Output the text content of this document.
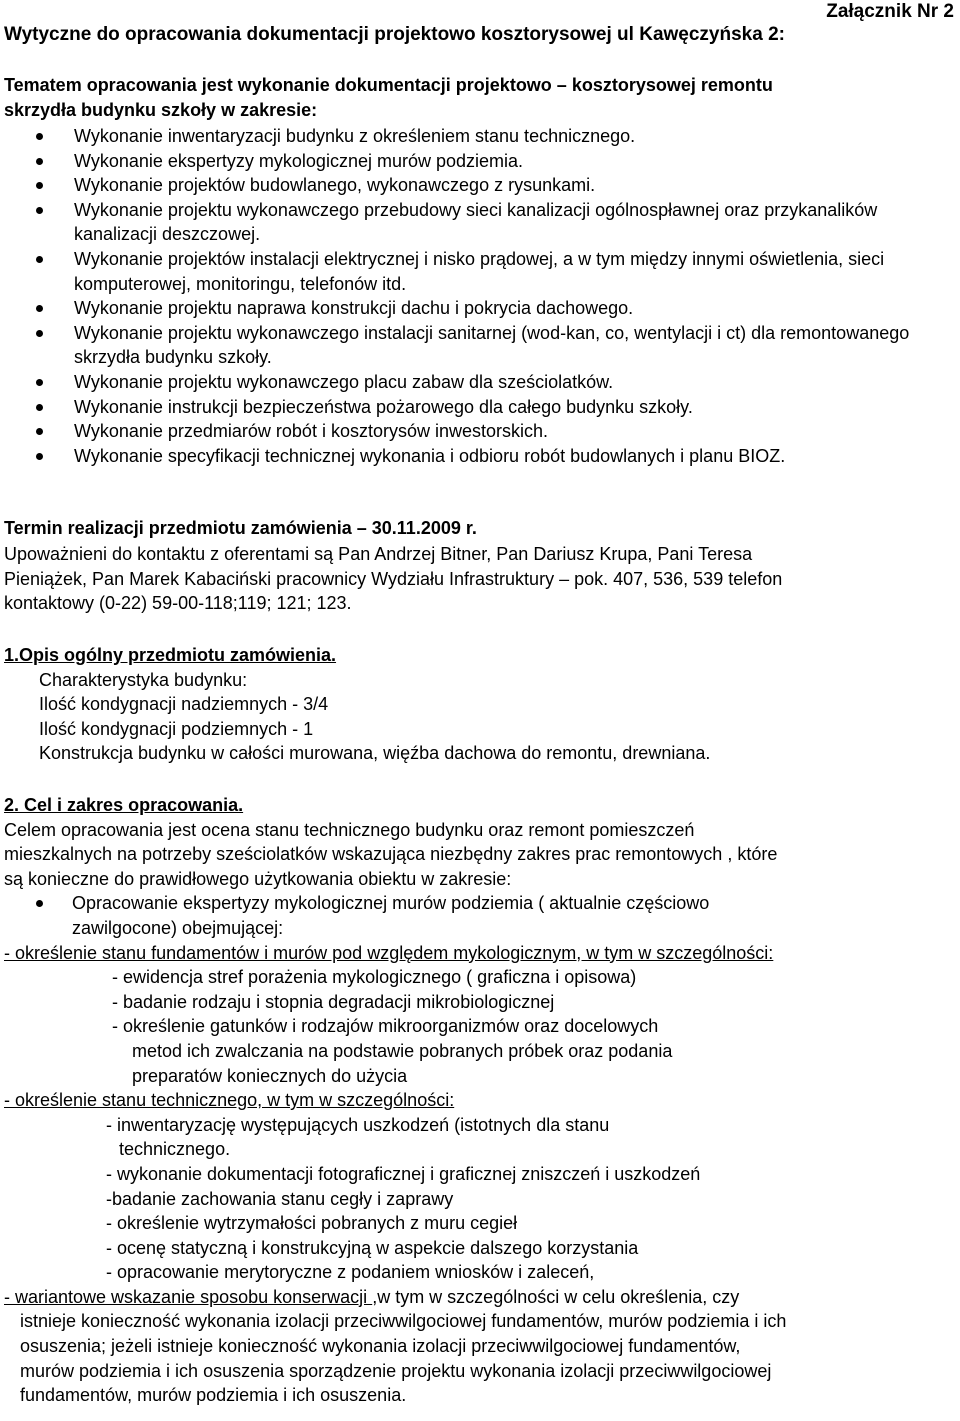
Załącznik Nr 2
Wytyczne do opracowania dokumentacji projektowo kosztorysowej ul Kawęczyńska 2:
Tematem opracowania jest wykonanie dokumentacji projektowo – kosztorysowej remontu
skrzydła budynku szkoły w zakresie:
Wykonanie inwentaryzacji budynku z określeniem stanu technicznego.
Wykonanie ekspertyzy mykologicznej murów podziemia.
Wykonanie projektów budowlanego, wykonawczego z rysunkami.
Wykonanie projektu wykonawczego przebudowy sieci kanalizacji ogólnospławnej oraz przykanalików kanalizacji deszczowej.
Wykonanie projektów instalacji elektrycznej i nisko prądowej, a w tym między innymi oświetlenia, sieci komputerowej, monitoringu, telefonów itd.
Wykonanie projektu naprawa konstrukcji dachu i pokrycia dachowego.
Wykonanie projektu wykonawczego instalacji sanitarnej (wod-kan, co, wentylacji i ct) dla remontowanego skrzydła budynku szkoły.
Wykonanie projektu wykonawczego placu zabaw dla sześciolatków.
Wykonanie instrukcji bezpieczeństwa pożarowego dla całego budynku szkoły.
Wykonanie przedmiarów robót i kosztorysów inwestorskich.
Wykonanie specyfikacji technicznej wykonania i odbioru robót budowlanych i planu BIOZ.
Termin realizacji przedmiotu zamówienia – 30.11.2009 r.
Upoważnieni do kontaktu z oferentami są Pan Andrzej Bitner, Pan Dariusz Krupa, Pani Teresa
Pieniążek, Pan Marek Kabaciński pracownicy Wydziału Infrastruktury – pok. 407, 536, 539 telefon
kontaktowy (0-22) 59-00-118;119; 121; 123.
1.Opis ogólny przedmiotu zamówienia.
Charakterystyka budynku:
Ilość kondygnacji nadziemnych - 3/4
Ilość kondygnacji podziemnych - 1
Konstrukcja budynku w całości murowana, więźba dachowa do remontu, drewniana.
2. Cel i zakres opracowania.
Celem opracowania jest ocena stanu technicznego budynku oraz remont pomieszczeń
mieszkalnych na potrzeby sześciolatków wskazująca niezbędny zakres prac remontowych , które
są konieczne do prawidłowego użytkowania obiektu w zakresie:
Opracowanie ekspertyzy mykologicznej murów podziemia ( aktualnie częściowo
zawilgocone) obejmującej:
- określenie stanu fundamentów i murów pod względem mykologicznym, w tym w szczególności:
- ewidencja stref porażenia mykologicznego ( graficzna i opisowa)
- badanie rodzaju i stopnia degradacji mikrobiologicznej
- określenie gatunków i rodzajów mikroorganizmów oraz docelowych
metod ich zwalczania na podstawie pobranych próbek oraz podania
preparatów koniecznych do użycia
- określenie stanu technicznego, w tym w szczególności:
- inwentaryzację występujących uszkodzeń (istotnych dla stanu
technicznego.
- wykonanie dokumentacji fotograficznej i graficznej zniszczeń i uszkodzeń
-badanie zachowania stanu cegły i zaprawy
- określenie wytrzymałości pobranych z muru cegieł
- ocenę statyczną i konstrukcyjną w aspekcie dalszego korzystania
- opracowanie merytoryczne z podaniem wniosków i zaleceń,
- wariantowe wskazanie sposobu konserwacji ,w tym w szczególności w celu określenia, czy
istnieje konieczność wykonania izolacji przeciwwilgociowej fundamentów, murów podziemia i ich
osuszenia; jeżeli istnieje konieczność wykonania izolacji przeciwwilgociowej fundamentów,
murów podziemia i ich osuszenia sporządzenie projektu wykonania izolacji przeciwwilgociowej
fundamentów, murów podziemia i ich osuszenia.
